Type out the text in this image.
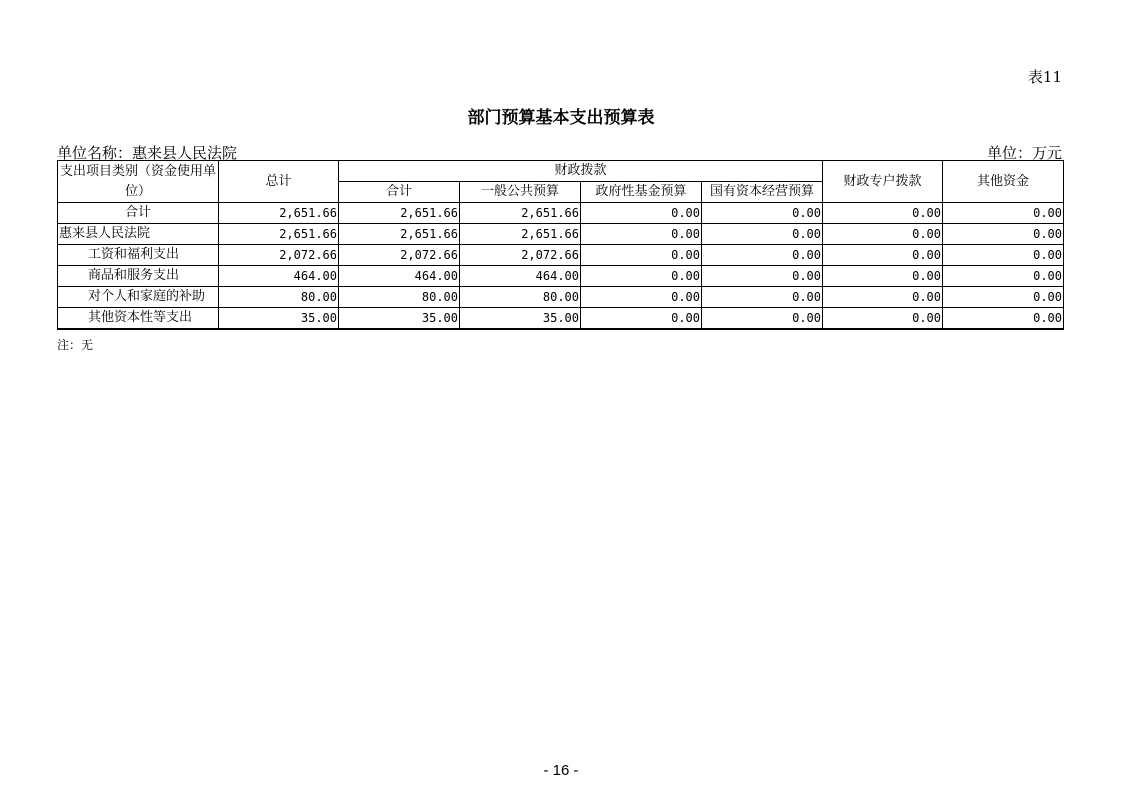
表11
部门预算基本支出预算表
单位名称：惠来县人民法院	单位：万元
支出项目类别（资金使用单位）	总计	财政拨款				财政专户拨款	其他资金
		合计	一般公共预算	政府性基金预算	国有资本经营预算		
合计	2,651.66	2,651.66	2,651.66	0.00	0.00	0.00	0.00
惠来县人民法院	2,651.66	2,651.66	2,651.66	0.00	0.00	0.00	0.00
工资和福利支出	2,072.66	2,072.66	2,072.66	0.00	0.00	0.00	0.00
商品和服务支出	464.00	464.00	464.00	0.00	0.00	0.00	0.00
对个人和家庭的补助	80.00	80.00	80.00	0.00	0.00	0.00	0.00
其他资本性等支出	35.00	35.00	35.00	0.00	0.00	0.00	0.00
注：无
- 16 -
